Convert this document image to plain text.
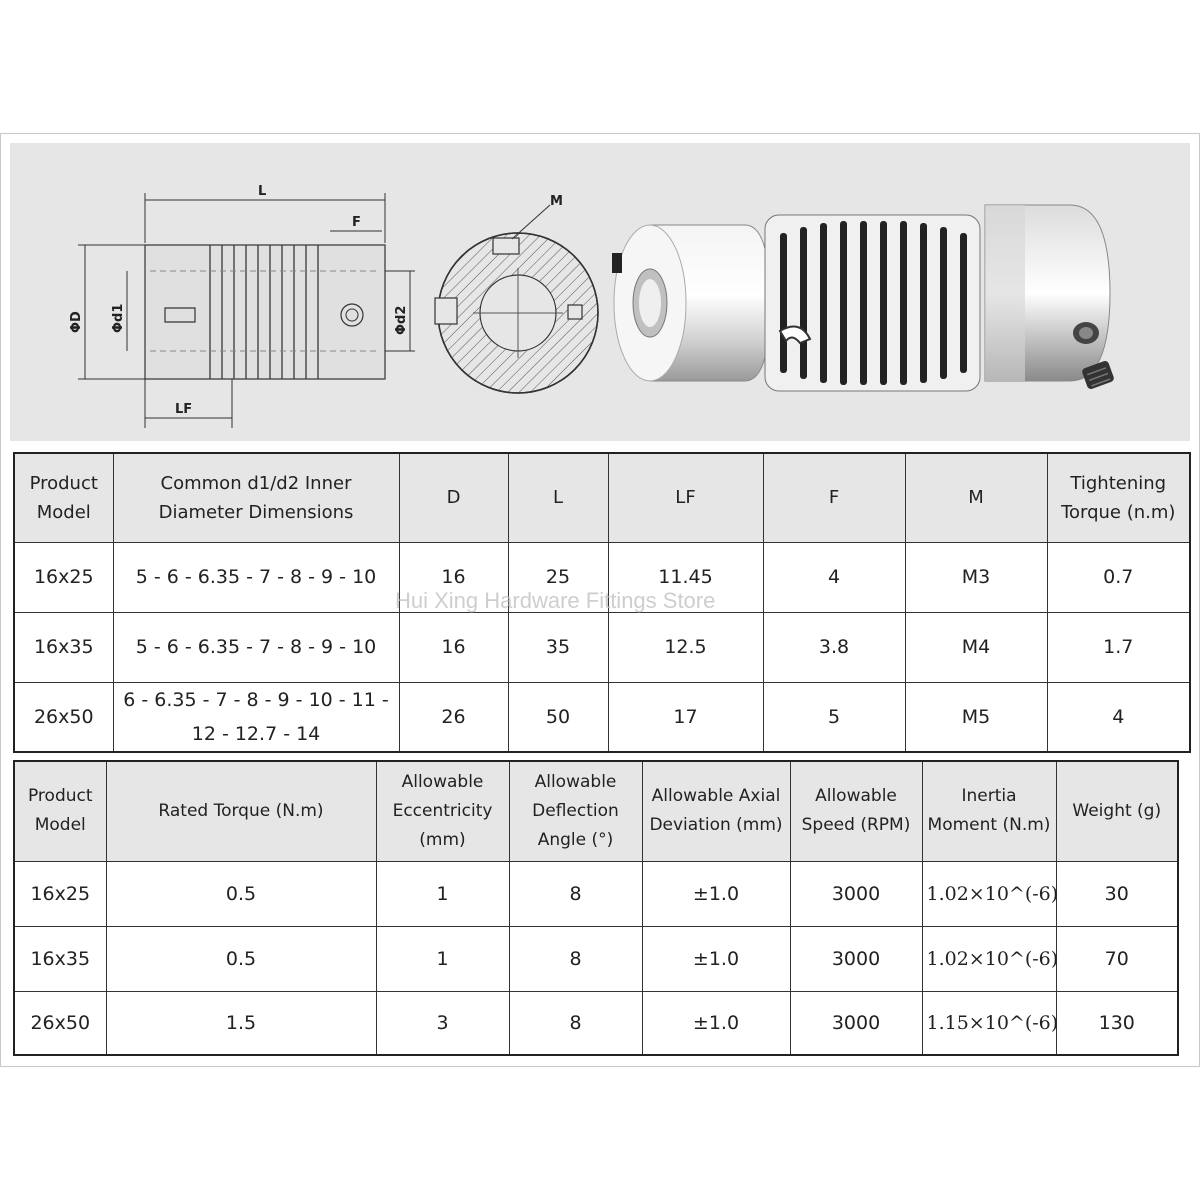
L
F
ΦD Φd1	Φd2
LF
M
Product Model	Common d1/d2 Inner Diameter Dimensions	D	L	LF	F	M	Tightening Torque (n.m)
16x25	5 - 6 - 6.35 - 7 - 8 - 9 - 10	16	25	11.45	4	M3	0.7
16x35	5 - 6 - 6.35 - 7 - 8 - 9 - 10	16	35	12.5	3.8	M4	1.7
26x50	6 - 6.35 - 7 - 8 - 9 - 10 - 11 - 12 - 12.7 - 14	26	50	17	5	M5	4
Hui Xing Hardware Fittings Store
Product Model	Rated Torque (N.m)	Allowable Eccentricity (mm)	Allowable Deflection Angle (°)	Allowable Axial Deviation (mm)	Allowable Speed (RPM)	Inertia Moment (N.m)	Weight (g)
16x25	0.5	1	8	±1.0	3000	1.02×10^(-6)	30
16x35	0.5	1	8	±1.0	3000	1.02×10^(-6)	70
26x50	1.5	3	8	±1.0	3000	1.15×10^(-6)	130
